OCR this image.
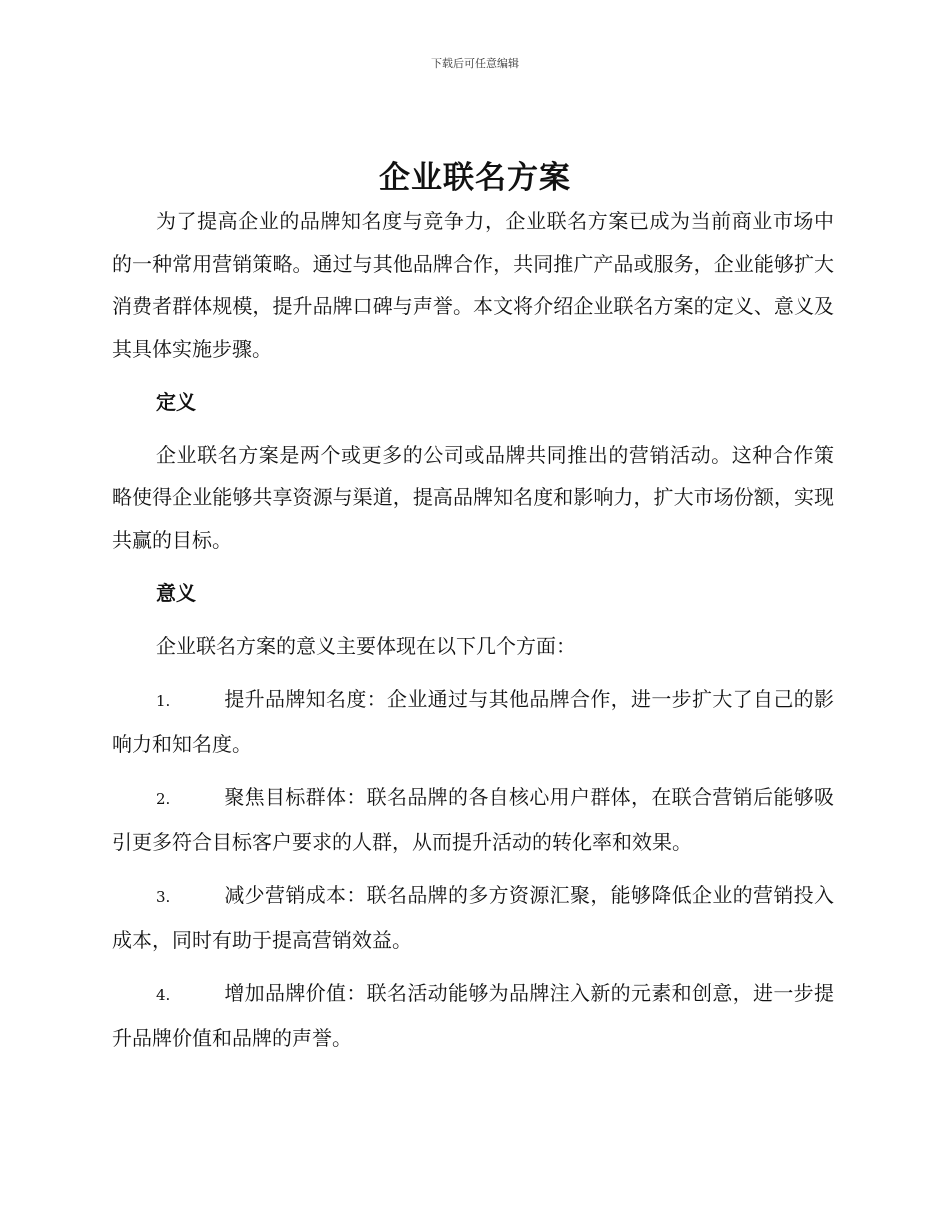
下载后可任意编辑
企业联名方案

为了提高企业的品牌知名度与竞争力，企业联名方案已成为当前商业市场中的一种常用营销策略。通过与其他品牌合作，共同推广产品或服务，企业能够扩大消费者群体规模，提升品牌口碑与声誉。本文将介绍企业联名方案的定义、意义及其具体实施步骤。

定义

企业联名方案是两个或更多的公司或品牌共同推出的营销活动。这种合作策略使得企业能够共享资源与渠道，提高品牌知名度和影响力，扩大市场份额，实现共赢的目标。

意义

企业联名方案的意义主要体现在以下几个方面：

1.	提升品牌知名度：企业通过与其他品牌合作，进一步扩大了自己的影响力和知名度。

2.	聚焦目标群体：联名品牌的各自核心用户群体，在联合营销后能够吸引更多符合目标客户要求的人群，从而提升活动的转化率和效果。

3.	减少营销成本：联名品牌的多方资源汇聚，能够降低企业的营销投入成本，同时有助于提高营销效益。

4.	增加品牌价值：联名活动能够为品牌注入新的元素和创意，进一步提升品牌价值和品牌的声誉。
